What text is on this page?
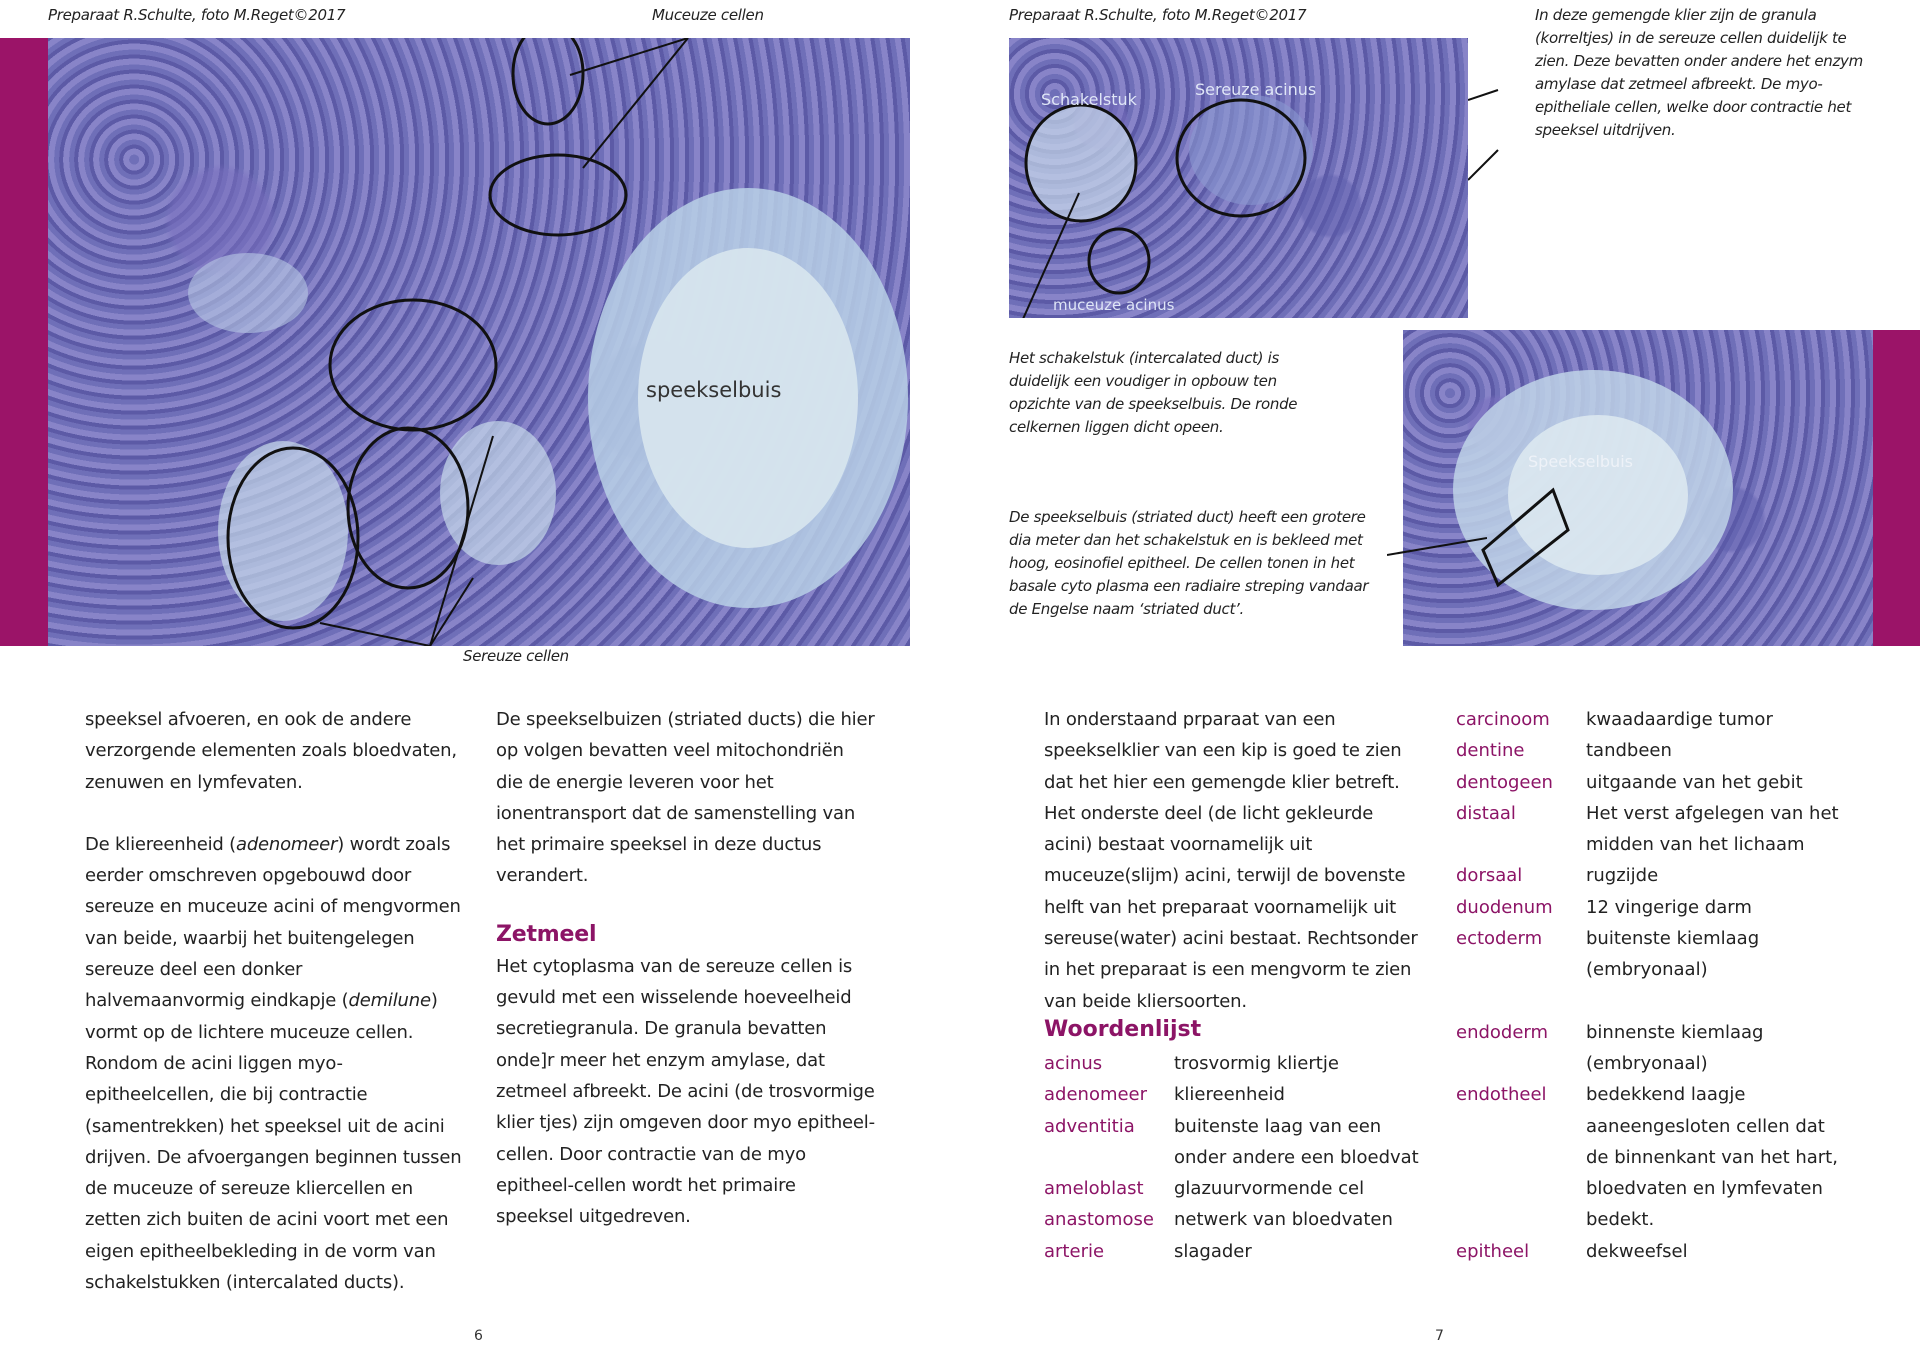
Preparaat R.Schulte, foto M.Reget©2017	Muceuze cellen
speekselbuis
Sereuze cellen

speeksel afvoeren, en ook de andere verzorgende elementen zoals bloedvaten, zenuwen en lymfevaten.

De kliereenheid (adenomeer) wordt zoals eerder omschreven opgebouwd door sereuze en muceuze acini of mengvormen van beide, waarbij het buitengelegen sereuze deel een donker halvemaanvormig eindkapje (demilune) vormt op de lichtere muceuze cellen. Rondom de acini liggen myo-epitheelcellen, die bij contractie (samentrekken) het speeksel uit de acini drijven. De afvoergangen beginnen tussen de muceuze of sereuze kliercellen en zetten zich buiten de acini voort met een eigen epitheelbekleding in de vorm van schakelstukken (intercalated ducts).

De speekselbuizen (striated ducts) die hier op volgen bevatten veel mitochondriën die de energie leveren voor het ionentransport dat de samenstelling van het primaire speeksel in deze ductus verandert.

Zetmeel

Het cytoplasma van de sereuze cellen is gevuld met een wisselende hoeveelheid secretiegranula. De granula bevatten onde]r meer het enzym amylase, dat zetmeel afbreekt. De acini (de trosvormige klier tjes) zijn omgeven door myo epitheel-cellen. Door contractie van de myo epitheel-cellen wordt het primaire speeksel uitgedreven.

6
Preparaat R.Schulte, foto M.Reget©2017	In deze gemengde klier zijn de granula (korreltjes) in de sereuze cellen duidelijk te zien. Deze bevatten onder andere het enzym amylase dat zetmeel afbreekt. De myo-epitheliale cellen, welke door contractie het speeksel uitdrijven.
Schakelstuk
Sereuze acinus
muceuze acinus
Het schakelstuk (intercalated duct) is duidelijk een voudiger in opbouw ten opzichte van de speekselbuis. De ronde celkernen liggen dicht opeen.
De speekselbuis (striated duct) heeft een grotere dia meter dan het schakelstuk en is bekleed met hoog, eosinofiel epitheel. De cellen tonen in het basale cyto plasma een radiaire streping vandaar de Engelse naam ‘striated duct’.
Speekselbuis
In onderstaand prparaat van een speekselklier van een kip is goed te zien dat het hier een gemengde klier betreft. Het onderste deel (de licht gekleurde acini) bestaat voornamelijk uit muceuze(slijm) acini, terwijl de bovenste helft van het preparaat voornamelijk uit sereuse(water) acini bestaat. Rechtsonder in het preparaat is een mengvorm te zien van beide kliersoorten.
Woordenlijst
acinus	trosvormig kliertje
adenomeer	kliereenheid
adventitia	buitenste laag van een onder andere een bloedvat
ameloblast	glazuurvormende cel
anastomose	netwerk van bloedvaten
arterie	slagader
carcinoom	kwaadaardige tumor
dentine	tandbeen
dentogeen	uitgaande van het gebit
distaal	Het verst afgelegen van het midden van het lichaam
dorsaal	rugzijde
duodenum	12 vingerige darm
ectoderm	buitenste kiemlaag (embryonaal)
endoderm	binnenste kiemlaag (embryonaal)
endotheel	bedekkend laagje aaneengesloten cellen dat de binnenkant van het hart, bloedvaten en lymfevaten bedekt.
epitheel	dekweefsel
7
